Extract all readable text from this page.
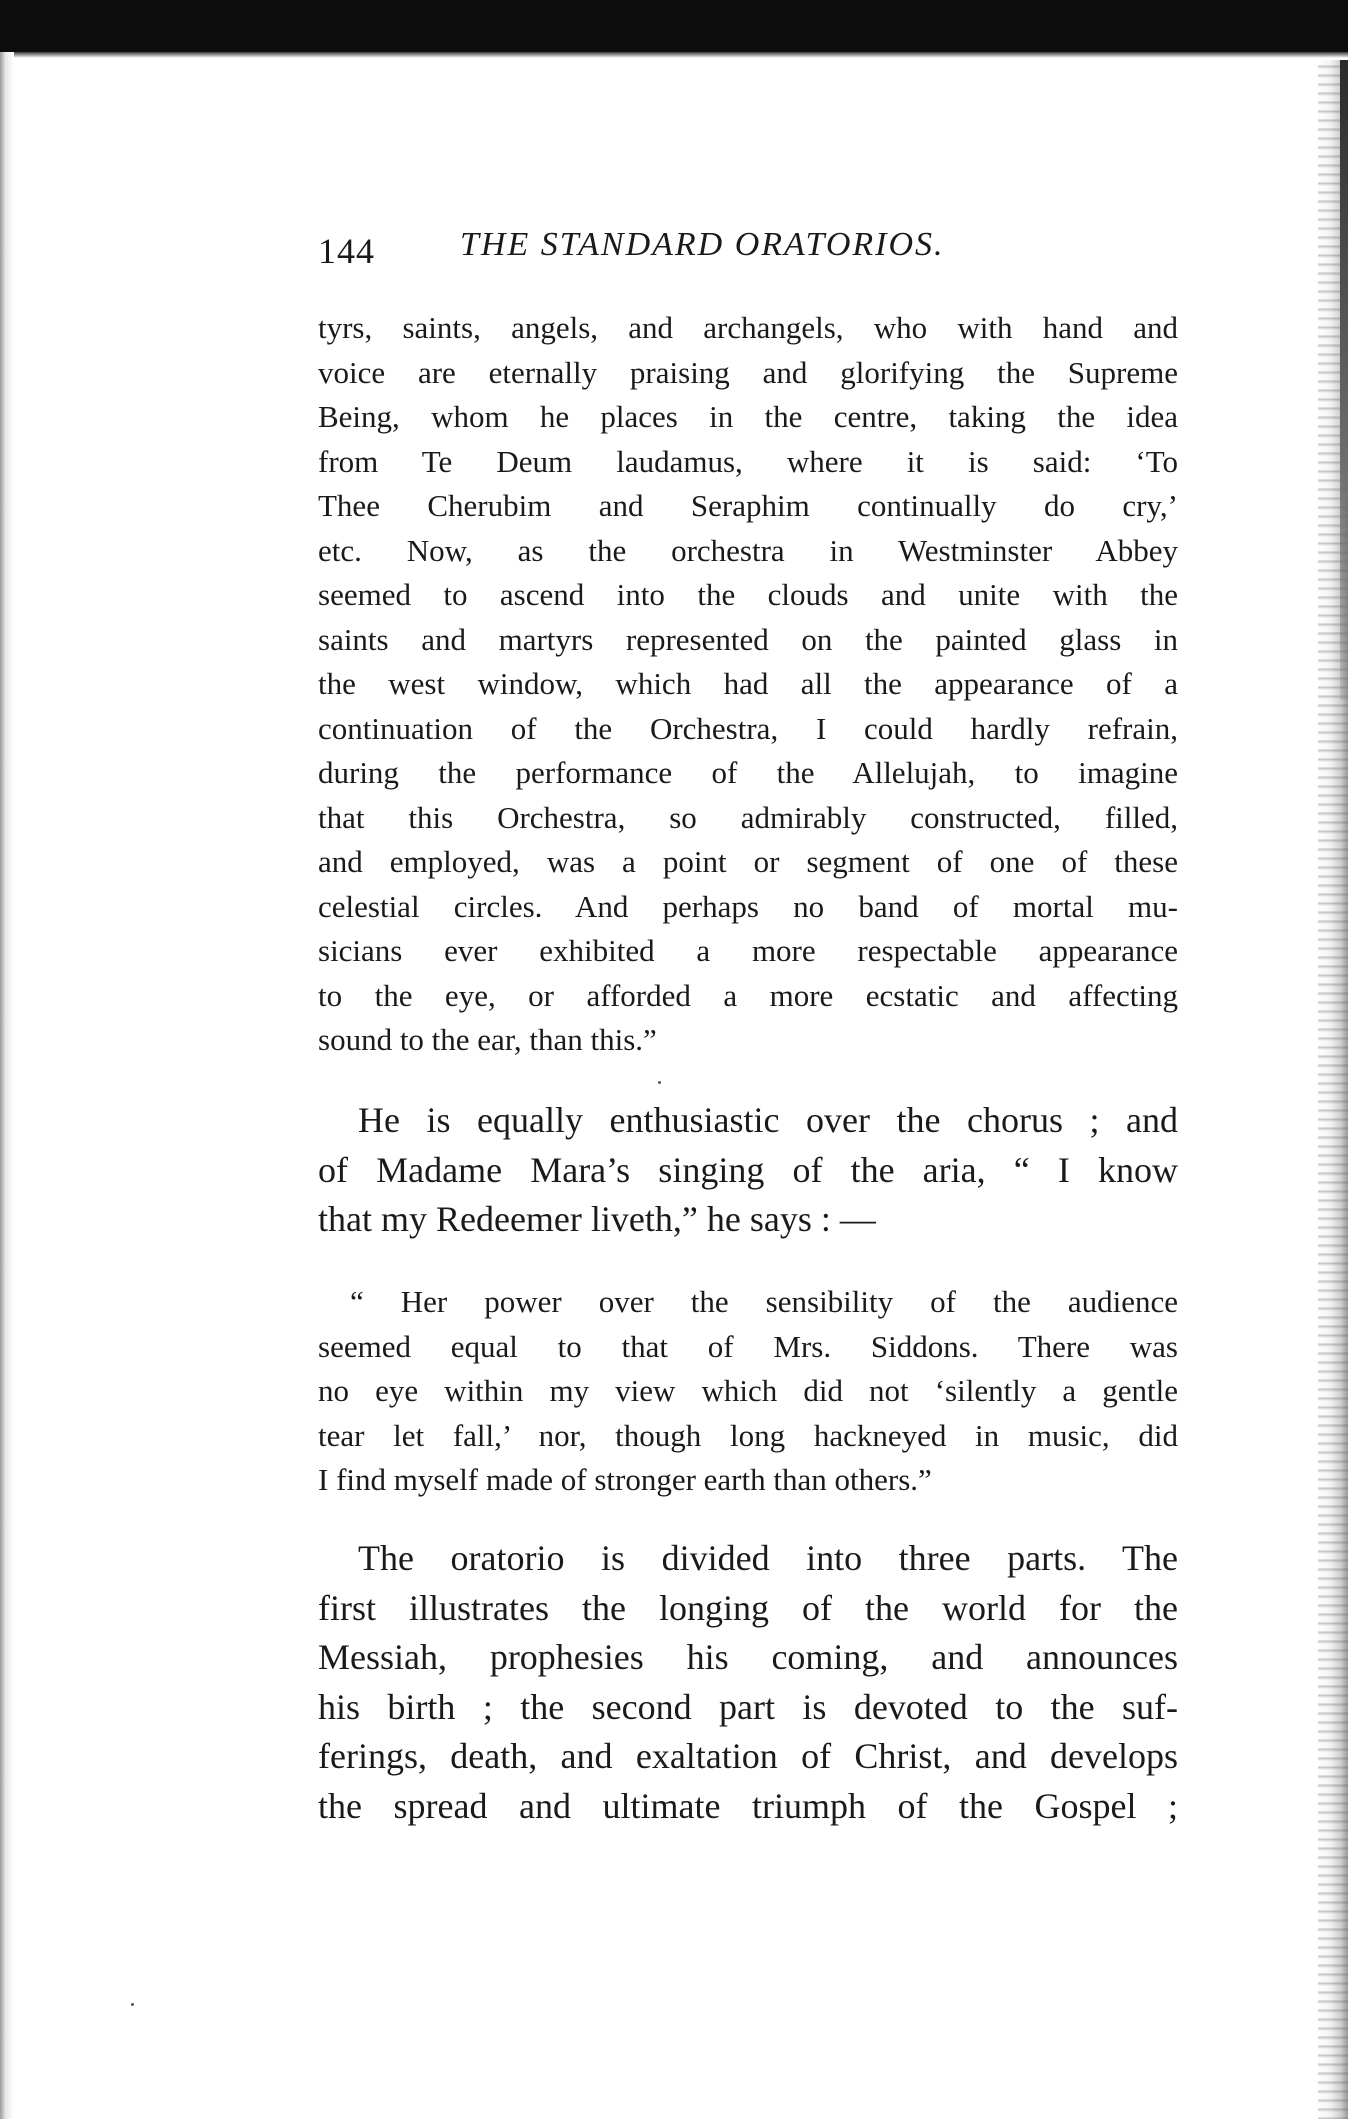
144	THE STANDARD ORATORIOS.
tyrs, saints, angels, and archangels, who with hand and
voice are eternally praising and glorifying the Supreme
Being, whom he places in the centre, taking the idea
from Te Deum laudamus, where it is said: ‘To
Thee Cherubim and Seraphim continually do cry,’
etc. Now, as the orchestra in Westminster Abbey
seemed to ascend into the clouds and unite with the
saints and martyrs represented on the painted glass in
the west window, which had all the appearance of a
continuation of the Orchestra, I could hardly refrain,
during the performance of the Allelujah, to imagine
that this Orchestra, so admirably constructed, filled,
and employed, was a point or segment of one of these
celestial circles. And perhaps no band of mortal mu-
sicians ever exhibited a more respectable appearance
to the eye, or afforded a more ecstatic and affecting
sound to the ear, than this.”
He is equally enthusiastic over the chorus ; and
of Madame Mara’s singing of the aria, “ I know
that my Redeemer liveth,” he says : —
“ Her power over the sensibility of the audience
seemed equal to that of Mrs. Siddons. There was
no eye within my view which did not ‘silently a gentle
tear let fall,’ nor, though long hackneyed in music, did
I find myself made of stronger earth than others.”
The oratorio is divided into three parts. The
first illustrates the longing of the world for the
Messiah, prophesies his coming, and announces
his birth ; the second part is devoted to the suf-
ferings, death, and exaltation of Christ, and develops
the spread and ultimate triumph of the Gospel ;
